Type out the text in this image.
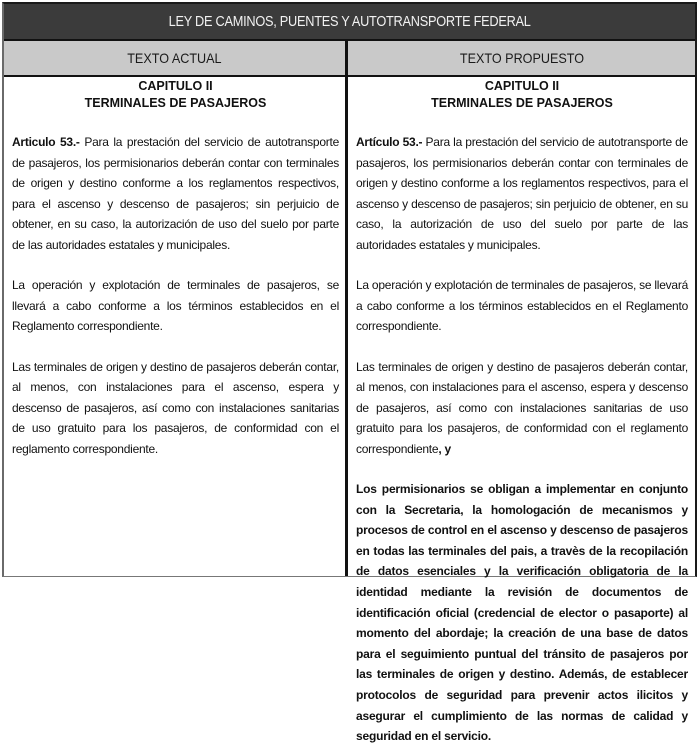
LEY DE CAMINOS, PUENTES Y AUTOTRANSPORTE FEDERAL
TEXTO ACTUAL	TEXTO PROPUESTO
CAPITULO II
TERMINALES DE PASAJEROS

Articulo 53.- Para la prestación del servicio de autotransporte de pasajeros, los permisionarios deberán contar con terminales de origen y destino conforme a los reglamentos respectivos, para el ascenso y descenso de pasajeros; sin perjuicio de obtener, en su caso, la autorización de uso del suelo por parte de las autoridades estatales y municipales.

La operación y explotación de terminales de pasajeros, se llevará a cabo conforme a los términos establecidos en el Reglamento correspondiente.

Las terminales de origen y destino de pasajeros deberán contar, al menos, con instalaciones para el ascenso, espera y descenso de pasajeros, así como con instalaciones sanitarias de uso gratuito para los pasajeros, de conformidad con el reglamento correspondiente.

CAPITULO II
TERMINALES DE PASAJEROS

Artículo 53.- Para la prestación del servicio de autotransporte de pasajeros, los permisionarios deberán contar con terminales de origen y destino conforme a los reglamentos respectivos, para el ascenso y descenso de pasajeros; sin perjuicio de obtener, en su caso, la autorización de uso del suelo por parte de las autoridades estatales y municipales.

La operación y explotación de terminales de pasajeros, se llevará a cabo conforme a los términos establecidos en el Reglamento correspondiente.

Las terminales de origen y destino de pasajeros deberán contar, al menos, con instalaciones para el ascenso, espera y descenso de pasajeros, así como con instalaciones sanitarias de uso gratuito para los pasajeros, de conformidad con el reglamento correspondiente, y

Los permisionarios se obligan a implementar en conjunto con la Secretaria, la homologación de mecanismos y procesos de control en el ascenso y descenso de pasajeros en todas las terminales del pais, a travès de la recopilación de datos esenciales y la verificación obligatoria de la identidad mediante la revisión de documentos de identificación oficial (credencial de elector o pasaporte) al momento del abordaje; la creación de una base de datos para el seguimiento puntual del tránsito de pasajeros por las terminales de origen y destino. Además, de establecer protocolos de seguridad para prevenir actos ilicitos y asegurar el cumplimiento de las normas de calidad y seguridad en el servicio.
